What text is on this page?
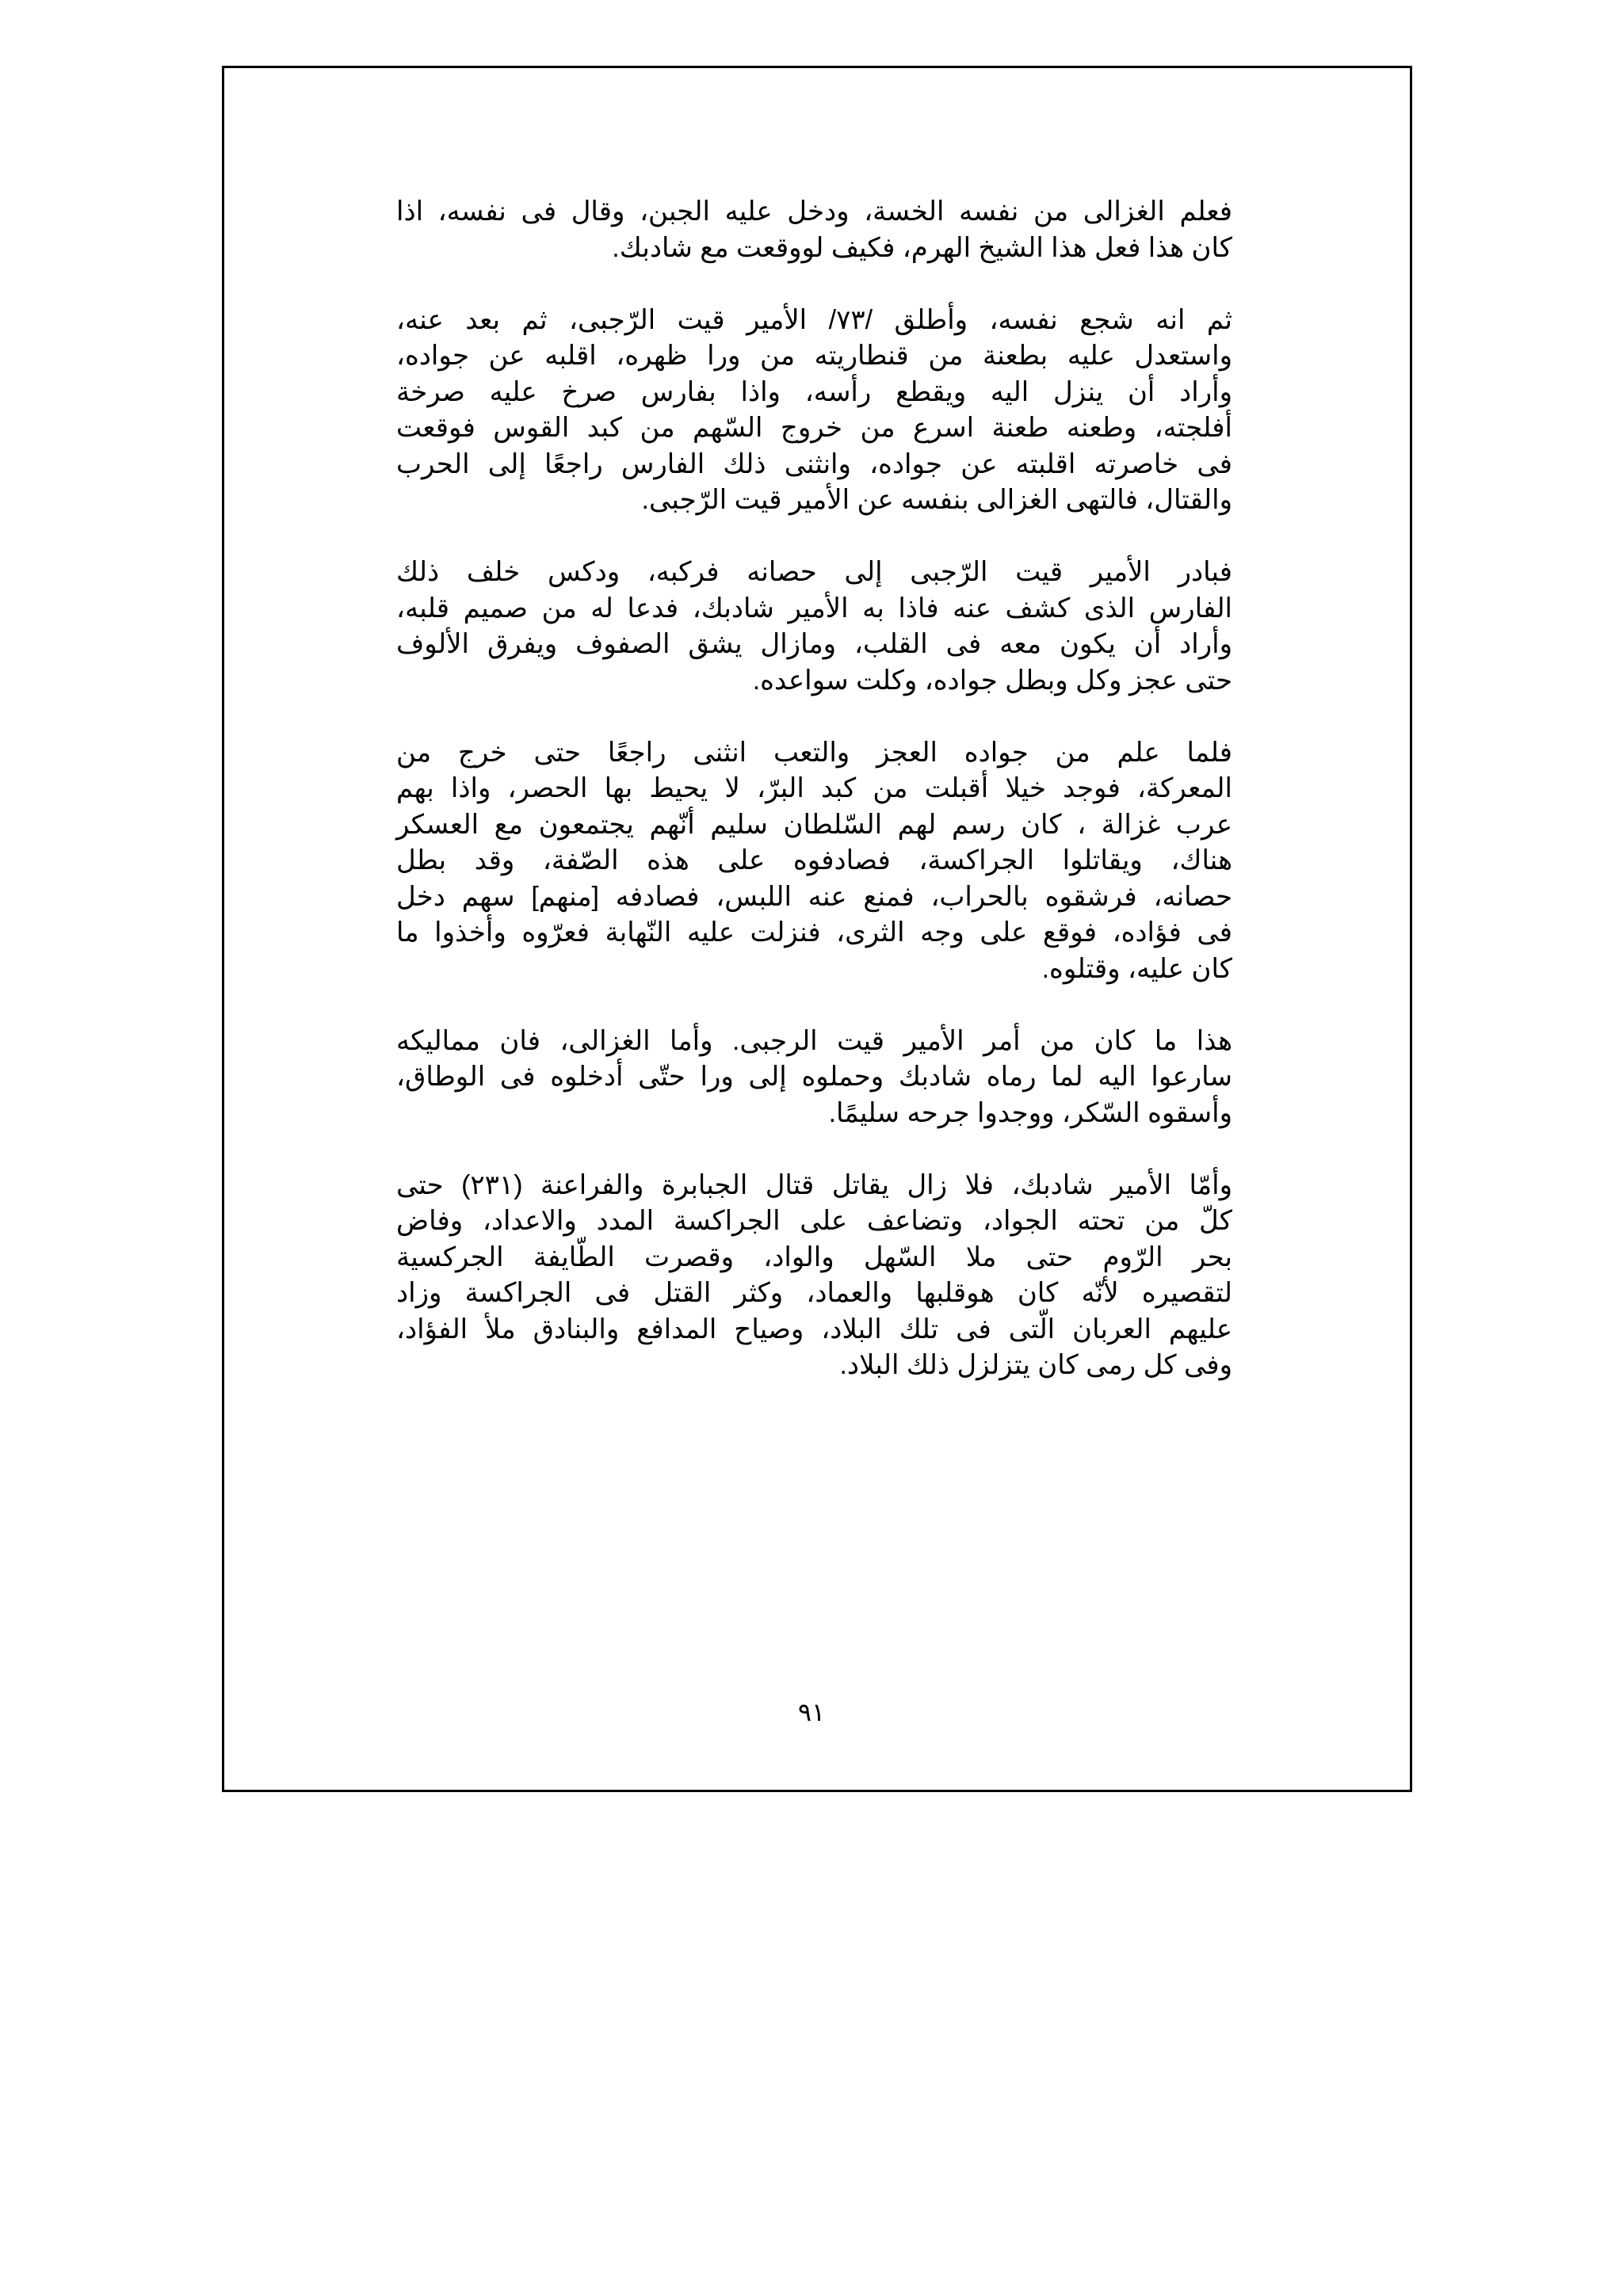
فعلم الغزالى من نفسه الخسة، ودخل عليه الجبن، وقال فى نفسه، اذا
كان هذا فعل هذا الشيخ الهرم، فكيف لووقعت مع شادبك.
ثم انه شجع نفسه، وأطلق /٧٣/ الأمير قيت الرّجبى، ثم بعد عنه،
واستعدل عليه بطعنة من قنطاريته من ورا ظهره، اقلبه عن جواده،
وأراد أن ينزل اليه ويقطع رأسه، واذا بفارس صرخ عليه صرخة
أفلجته، وطعنه طعنة اسرع من خروج السّهم من كبد القوس فوقعت
فى خاصرته اقلبته عن جواده، وانثنى ذلك الفارس راجعًا إلى الحرب
والقتال، فالتهى الغزالى بنفسه عن الأمير قيت الرّجبى.
فبادر الأمير قيت الرّجبى إلى حصانه فركبه، ودكس خلف ذلك
الفارس الذى كشف عنه فاذا به الأمير شادبك، فدعا له من صميم قلبه،
وأراد أن يكون معه فى القلب، ومازال يشق الصفوف ويفرق الألوف
حتى عجز وكل وبطل جواده، وكلت سواعده.
فلما علم من جواده العجز والتعب انثنى راجعًا حتى خرج من
المعركة، فوجد خيلا أقبلت من كبد البرّ، لا يحيط بها الحصر، واذا بهم
عرب غزالة ، كان رسم لهم السّلطان سليم أنّهم يجتمعون مع العسكر
هناك، ويقاتلوا الجراكسة، فصادفوه على هذه الصّفة، وقد بطل
حصانه، فرشقوه بالحراب، فمنع عنه اللبس، فصادفه [منهم] سهم دخل
فى فؤاده، فوقع على وجه الثرى، فنزلت عليه النّهابة فعرّوه وأخذوا ما
كان عليه، وقتلوه.
هذا ما كان من أمر الأمير قيت الرجبى. وأما الغزالى، فان مماليكه
سارعوا اليه لما رماه شادبك وحملوه إلى ورا حتّى أدخلوه فى الوطاق،
وأسقوه السّكر، ووجدوا جرحه سليمًا.
وأمّا الأمير شادبك، فلا زال يقاتل قتال الجبابرة والفراعنة (٢٣١) حتى
كلّ من تحته الجواد، وتضاعف على الجراكسة المدد والاعداد، وفاض
بحر الرّوم حتى ملا السّهل والواد، وقصرت الطّايفة الجركسية
لتقصيره لأنّه كان هوقلبها والعماد، وكثر القتل فى الجراكسة وزاد
عليهم العربان الّتى فى تلك البلاد، وصياح المدافع والبنادق ملأ الفؤاد،
وفى كل رمى كان يتزلزل ذلك البلاد.
٩١
